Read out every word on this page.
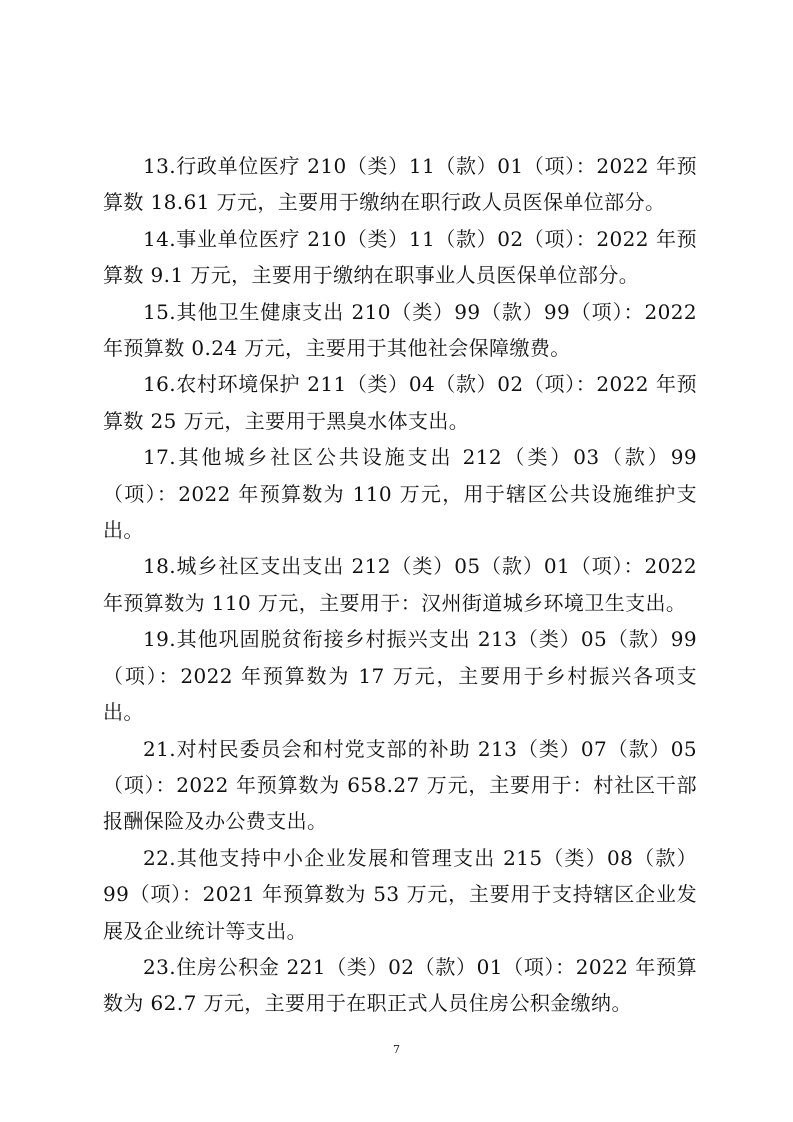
13.行政单位医疗 210（类）11（款）01（项）：2022 年预算数 18.61 万元，主要用于缴纳在职行政人员医保单位部分。

14.事业单位医疗 210（类）11（款）02（项）：2022 年预算数 9.1 万元，主要用于缴纳在职事业人员医保单位部分。

15.其他卫生健康支出 210（类）99（款）99（项）：2022 年预算数 0.24 万元，主要用于其他社会保障缴费。

16.农村环境保护 211（类）04（款）02（项）：2022 年预算数 25 万元，主要用于黑臭水体支出。

17.其他城乡社区公共设施支出 212（类）03（款）99（项）：2022 年预算数为 110 万元，用于辖区公共设施维护支出。

18.城乡社区支出支出 212（类）05（款）01（项）：2022 年预算数为 110 万元，主要用于：汉州街道城乡环境卫生支出。

19.其他巩固脱贫衔接乡村振兴支出 213（类）05（款）99（项）：2022 年预算数为 17 万元，主要用于乡村振兴各项支出。

21.对村民委员会和村党支部的补助 213（类）07（款）05（项）：2022 年预算数为 658.27 万元，主要用于：村社区干部报酬保险及办公费支出。

22.其他支持中小企业发展和管理支出 215（类）08（款）99（项）：2021 年预算数为 53 万元，主要用于支持辖区企业发展及企业统计等支出。

23.住房公积金 221（类）02（款）01（项）：2022 年预算数为 62.7 万元，主要用于在职正式人员住房公积金缴纳。

7
